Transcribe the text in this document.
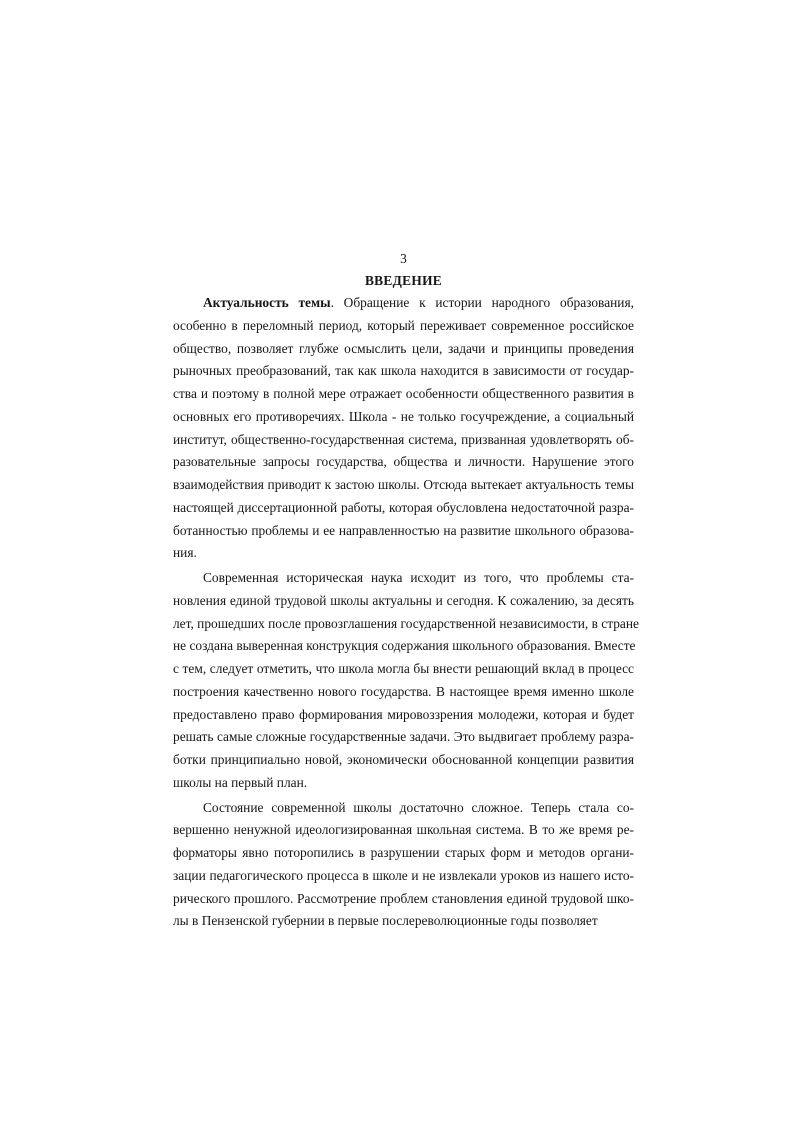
3
ВВЕДЕНИЕ
Актуальность темы. Обращение к истории народного образования,
особенно в переломный период, который переживает современное российское
общество, позволяет глубже осмыслить цели, задачи и принципы проведения
рыночных преобразований, так как школа находится в зависимости от государ-
ства и поэтому в полной мере отражает особенности общественного развития в
основных его противоречиях. Школа - не только госучреждение, а социальный
институт, общественно-государственная система, призванная удовлетворять об-
разовательные запросы государства, общества и личности. Нарушение этого
взаимодействия приводит к застою школы. Отсюда вытекает актуальность темы
настоящей диссертационной работы, которая обусловлена недостаточной разра-
ботанностью проблемы и ее направленностью на развитие школьного образова-
ния.
Современная историческая наука исходит из того, что проблемы ста-
новления единой трудовой школы актуальны и сегодня. К сожалению, за десять
лет, прошедших после провозглашения государственной независимости, в стране
не создана выверенная конструкция содержания школьного образования. Вместе
с тем, следует отметить, что школа могла бы внести решающий вклад в процесс
построения качественно нового государства. В настоящее время именно школе
предоставлено право формирования мировоззрения молодежи, которая и будет
решать самые сложные государственные задачи. Это выдвигает проблему разра-
ботки принципиально новой, экономически обоснованной концепции развития
школы на первый план.
Состояние современной школы достаточно сложное. Теперь стала со-
вершенно ненужной идеологизированная школьная система. В то же время ре-
форматоры явно поторопились в разрушении старых форм и методов органи-
зации педагогического процесса в школе и не извлекали уроков из нашего исто-
рического прошлого. Рассмотрение проблем становления единой трудовой шко-
лы в Пензенской губернии в первые послереволюционные годы позволяет
